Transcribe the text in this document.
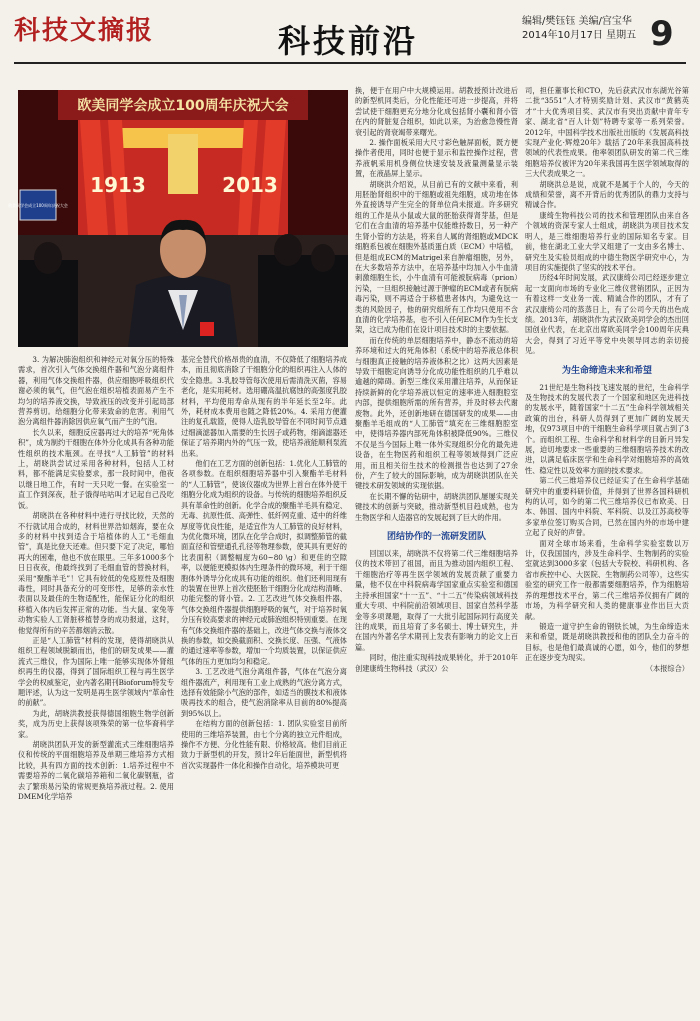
科技文摘报	科技前沿
编辑/樊钰钰 美编/宫宝华
2014年10月17日 星期五 9
欧美同学会成立100周年庆祝大会
1913	2013
欧美同学会成立100周年庆祝大会

3. 为解决肺泡组织和神经元对氧分压的特殊需求，首次引入气体交换组件器和气泡分离组件器，利用气体交换组件器，供应细胞呼吸组织代谢必须的氧气，但气泡在组织培植表面易产生不均匀的培养液交换，导致液压的改变并引起局部营养剪切。给细胞分化带来致命的危害。利用气泡分离组件器消除因供应氧气而产生的气泡。

长久以来，细胞反应器再过大的培养“死角体积”，成为制约干细胞在体外分化成具有各种功能性组织的技术瓶颈。在寻找“人工肺管”的材料上，胡晓洪尝试过采用各种材料，包括人工材料，都不能满足实验要求，那一段时间中，他夜以继日地工作，有时一天只吃一餐。在实验室一直工作到深夜，肚子饿得咕咕叫才记起自己没吃饭。

胡晓洪在各种材料中进行寻找比较，天然的不行就试用合成的，材料世界浩如烟海，要在众多的材料中找到适合于培植体的人工“毛细血管”，真是比登天还难。但只要下定了决定，哪怕再大的困难，他也不放在眼里。三年多1000多个日日夜夜，他最终找到了毛细血管的替换材料，采用“聚酯羊毛”！它具有较低的免疫原性及细胞毒性，同时具备充分的可变形性，足够的亲水性表面以及最佳的生物适配性，能保证分化的组织移植入体内后发挥正常的功能。当大鼠、家兔等动物实验人工肾脏移植替身的成功报道，这时，他觉得所有的辛苦都烟消云散。

正是“人工肺管”材料的发现，使得胡晓洪从组织工程领域脱颖而出，他们的研发成果——灌流式三维仪，作为国际上唯一能够实现体外肾组织再生的仪器，得到了国际组织工程与再生医学学会的权威鉴定，业内著名期刊Bioforum特发专题评述，认为这一发明是再生医学领域内“革命性的前献”。

为此，胡晓洪教授获得德国细胞生物学创新奖，成为历史上获得该项殊荣的第一位华裔科学家。

胡晓洪团队开发的新型灌流式三维细胞培养仪和传统的平面细胞培养及单期三维培养方式相比较，具有四方面的技术创新：1.培养过程中不需要培养的二氧化碳培养箱和二氧化碳钢瓶，省去了繁琐易污染的常规更换培养液过程。2. 使用DMEM化学培养

基完全替代价格昂贵的血清，不仅降低了细胞培养成本，而且彻底消除了干细胞分化的组织再注入人体的安全隐患。3.乳胶导管每次使用后需清洗灭菌，容易老化，是实用耗材。选用硼高温抗腐蚀的高强度乳胶材料，平均使用寿命从现有的半年延长至2年。此外，耗材成本费用也随之降低20%。4. 采用方便灌注的复孔载篮，使得人造乳胶导管在不同时间节点通过细滴滤器加入需要的生长因子或药物，细滴滤器还保证了培养期内外的气压一致，使培养液能顺利泵流出来。

他们在工艺方面的创新包括：1.优化人工肺管的各项参数。在组织细胞培养器中引入聚酯羊毛材料的“人工肺管”，使该仪器成为世界上首台在体外使干细胞分化成为组织的设备。与传统的细胞培养组织反具有革命性的创新。化学合成的聚酯羊毛具有稳定、无毒、抗原性低、高弹性、低纤网克重、适中的纤维厚度等优良性能，是适宜作为人工肺管的良好材料，为优化微环境，团队在化学合成时，拟调整肺管的截面直径和管壁通孔孔径等物理参数，使其具有更好的比表面积（调整幅度为60~80 \g）和更佳的空隙率，以便能更模拟体内生理条件的微环境，利于干细胞体外诱导分化成具有功能的组织。他们还利用现有的装置在世界上首次使胚胎干细胞分化成结构清晰、功能完整的肾小管。2. 工艺改进气体交换组件器，气体交换组件器提供细胞呼吸的氧气，对于培养时氧分压有较高要求的神经元或肺泡组织特别重要。在现有气体交换组件器的基础上，改进气体交换与液体交换的参数，如交换截面积、交换长度、压强、气液体的通过速率等参数，增加一个均质装置，以保证供应气体的压力更加均匀和稳定。

3. 工艺改进气泡分离组件器，气体在气泡分离组件器流产，利用现有工业上成熟的气泡分离方式，选择有效能除小气泡的部件，如适当的膜技术和液体吸再技术的组合，使气泡消除率从目前的80%提高到95%以上。

在结构方面的创新包括：1. 团队实验室目前所使用的三维培养装置，由七个分离的独立元件组成，操作不方便、分化性能有限、价格较高。他们目前正致力于新型机的开发，预计2年后能面世，新型机将首次实现器件一体化和操作自动化，培养模块可更

换，便于在用户中大规模运用。胡教授预计改进后的新型机同类后，分化性能还可进一步提高，并将尝试使干细胞更充分地分化成包括肾小囊和肾小管在内的肾脏复合组织，如此以来，为治愈急慢性肾衰引起的肾衰竭带来曙光。

2. 操作面板采用大尺寸彩色触屏面板，既方便操作者使用，同时也便于显示和监控操作过程，营养液帆采用机身侧位快速安装及液量测量显示装置，在液晶屏上显示。

胡晓洪介绍说，从目前已有的文献中来看，利用胚胎肾组织中的干细胞或祖先细胞，成功地在体外直接诱导产生完全的肾单位尚未报道。许多研究组的工作是从小鼠或大鼠的胚胎获得肾芽基，但是它们在含血清的培养基中仅能维持数日，另一种产生肾小管的方法是，将来自人属的肾细胞或MDCK细胞系包被在细胞外基质蛋白质（ECM）中培植，但是组成ECM的Matrigel来自肿瘤细胞，另外，在大多数培养方法中，在培养基中均加入小牛血清刺激细胞生长，小牛血清有可能被朊病毒（prion）污染，一旦组织接触过源于肿瘤的ECM或者有朊病毒污染，则不再适合于移植患者体内，为避免这一类的风险因子，他的研究组所有工作均只使用不含血清的化学培养基，也不引入任何ECM作为生长支架，这已成为他们在设计项目技术时的主要依据。

而在传统的单层细胞培养中，静态不流动的培养环境和过大的死角体积（系统中的培养液总体积与细胞真正接触的培养液体积之比）这两大因素是导致干细胞定向诱导分化成功能性组织的几乎难以逾越的障碍。新型三维仪采用灌注培养，从而保证持续新鲜的化学培养液以恒定的速率进入细胞腔室内部，提供细胞所需的所有营养，并及时移去代谢废物。此外，还创新地研在德国研发的成果——由聚酯羊毛组成的“人工肺管”填充在三维细胞腔室中，使得培养器内部死角体积被降低90%。三维仪不仅是当今国际上唯一体外实现组织分化的最先进设备，在生物医药和组织工程等领域得到广泛应用，而且相关衍生技术的检测报告也达到了27余份，产生了较大的国际影响，成为胡晓洪团队在关键技术研发领域的实现依据。

在长期不懈的钻研中，胡晓洪团队屡屡实现关键技术的创新与突破，推动新型机目趋成熟，也为生物医学和人造器官的发展起到了巨大的作用。

团结协作的一流研发团队

回国以来，胡晓洪不仅将第二代三维细胞培养仪的技术带回了祖国，而且为推动国内组织工程、干细胞治疗等再生医学领域的发展贡献了重要力量，他不仅在中科院病毒学国家重点实验室和德国主持承担国家“十一五”、“十二五”传染病领域科技重大专项、中科院前沿领域项目、国家自然科学基金等多项课题，取得了一大批引起国际同行高度关注的成果，而且培育了多名硕士、博士研究生，并在国内外著名学术期刊上发表有影响力的论文上百篇。

同时，他注重实现科技成果转化，并于2010年创建康绮生物科技（武汉）公

司，担任董事长和CTO，先后获武汉市东湖光谷第二批“3551”人才特别奖励计划、武汉市“黄鹤英才”十大优秀项目奖、武汉市有突出贡献中青年专家、湖北省“百人计划”特聘专家等一系列荣誉。2012年，中国科学技术出版社出版的《发展高科技 实现产业化·辉煌20年》载括了20年来我国高科技领域的代表性成果。他率领团队研发的第二代三维细胞培养仪被评为20年来我国再生医学领域取得的三大代表成果之一。

胡晓洪总是说，成就不是属于个人的，今天的成绩和荣誉，离不开背后的优秀团队的鼎力支持与精诚合作。

康绮生物科技公司的技术和管理团队由来自各个领域的资深专家人士组成，胡晓洪为项目技术发明人，是三维细胞培养行业的国际知名专家。目前，他在湖北工业大学又组建了一支由多名博士、研究生及实验员组成的中德生物医学研究中心，为项目的实施提供了坚实的技术平台。

历经4年时间发展，武汉康绮公司已经逐步建立起一支面向市场的专业化三维仪营销团队，正因为有着这样一支业务一流、精诚合作的团队，才有了武汉康绮公司的蒸蒸日上，有了公司今天的出色成绩。2013年，胡晓洪作为武汉欧美同学会的杰出回国创业代表，在北京出席欧美同学会100周年庆典大会，得到了习近平等党中央领导同志的亲切接见。

为生命缔造未来和希望

21世纪是生物科技飞速发展的世纪，生命科学及生物技术的发展代表了一个国家和地区先进科技的发展水平，随着国家“十二五”生命科学领域相关政策的出台，科研人员得到了更加广阔的发展天地，仅973项目中的干细胞生命科学项目就占到了3个。而组织工程、生命科学和材料学的目新月异发展，迫切地要求一些重要的三维细胞培养技术的改进，以满足临床医学和生命科学对细胞培养的高效性、稳定性以及效率方面的技术要求。

第二代三维培养仪已经证实了在生命科学基础研究中的重要科研价值，并得到了世界各国科研机构的认可，如今的第二代三维培养仪已布欧美、日本、韩国、国内中科院、军科院、以及江苏高校等多家单位签订购买合同，已然在国内外的市场中建立起了良好的声誉。

面对全球市场来看，生命科学实验室数以万计，仅我国国内，涉及生命科学、生物制药的实验室就达到3000多家（包括大专院校、科研机构、各省市疾控中心、大医院、生物制药公司等），这些实验室的研究工作一般都需要细胞培养，作为细胞培养的理想技术平台，第二代三维培养仪拥有广阔的市场，为科学研究和人类的健康事业作出巨大贡献。

锻造一道守护生命的钢铁长城，为生命缔造未来和希望，既是胡晓洪教授和他的团队全力奋斗的目标，也是他们最真诚的心愿，如今，他们的梦想正在逐步变为现实。

（本报综合）
